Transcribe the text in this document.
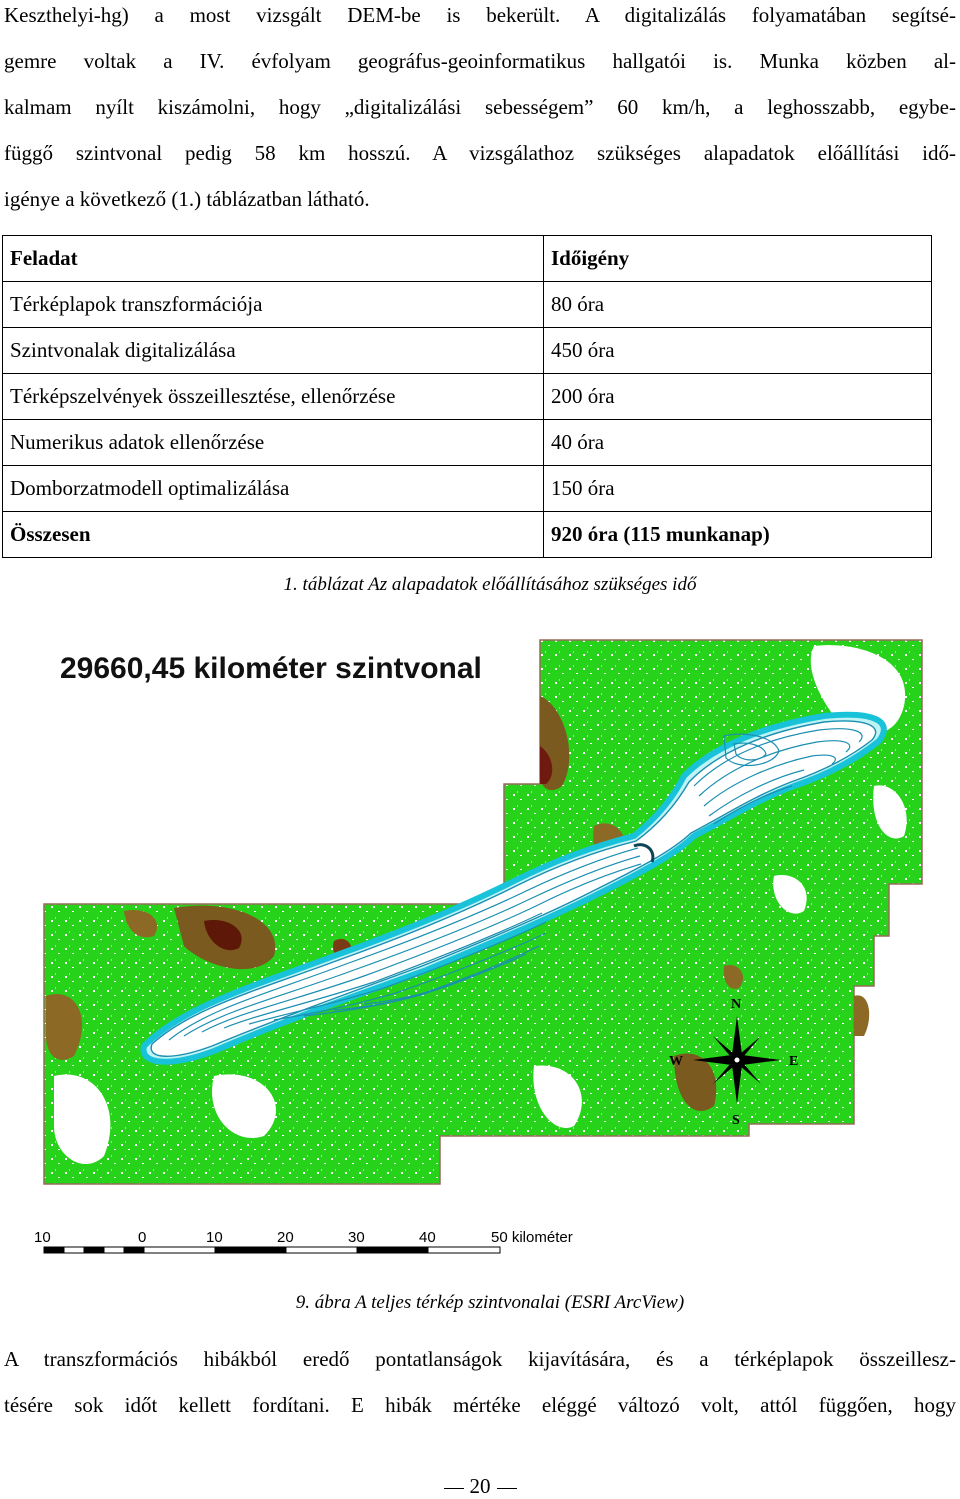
Keszthelyi-hg) a most vizsgált DEM-be is bekerült. A digitalizálás folyamatában segítsé-
gemre voltak a IV. évfolyam geográfus-geoinformatikus hallgatói is. Munka közben al-
kalmam nyílt kiszámolni, hogy „digitalizálási sebességem” 60 km/h, a leghosszabb, egybe-
függő szintvonal pedig 58 km hosszú. A vizsgálathoz szükséges alapadatok előállítási idő-
igénye a következő (1.) táblázatban látható.
Feladat	Időigény
Térképlapok transzformációja	80 óra
Szintvonalak digitalizálása	450 óra
Térképszelvények összeillesztése, ellenőrzése	200 óra
Numerikus adatok ellenőrzése	40 óra
Domborzatmodell optimalizálása	150 óra
Összesen	920 óra (115 munkanap)
1. táblázat Az alapadatok előállításához szükséges idő
29660,45 kilométer szintvonal
N
S
E
W
10	0	10	20	30	40	50 kilométer
9. ábra A teljes térkép szintvonalai (ESRI ArcView)
A transzformációs hibákból eredő pontatlanságok kijavítására, és a térképlapok összeillesz-
tésére sok időt kellett fordítani. E hibák mértéke eléggé változó volt, attól függően, hogy
20
